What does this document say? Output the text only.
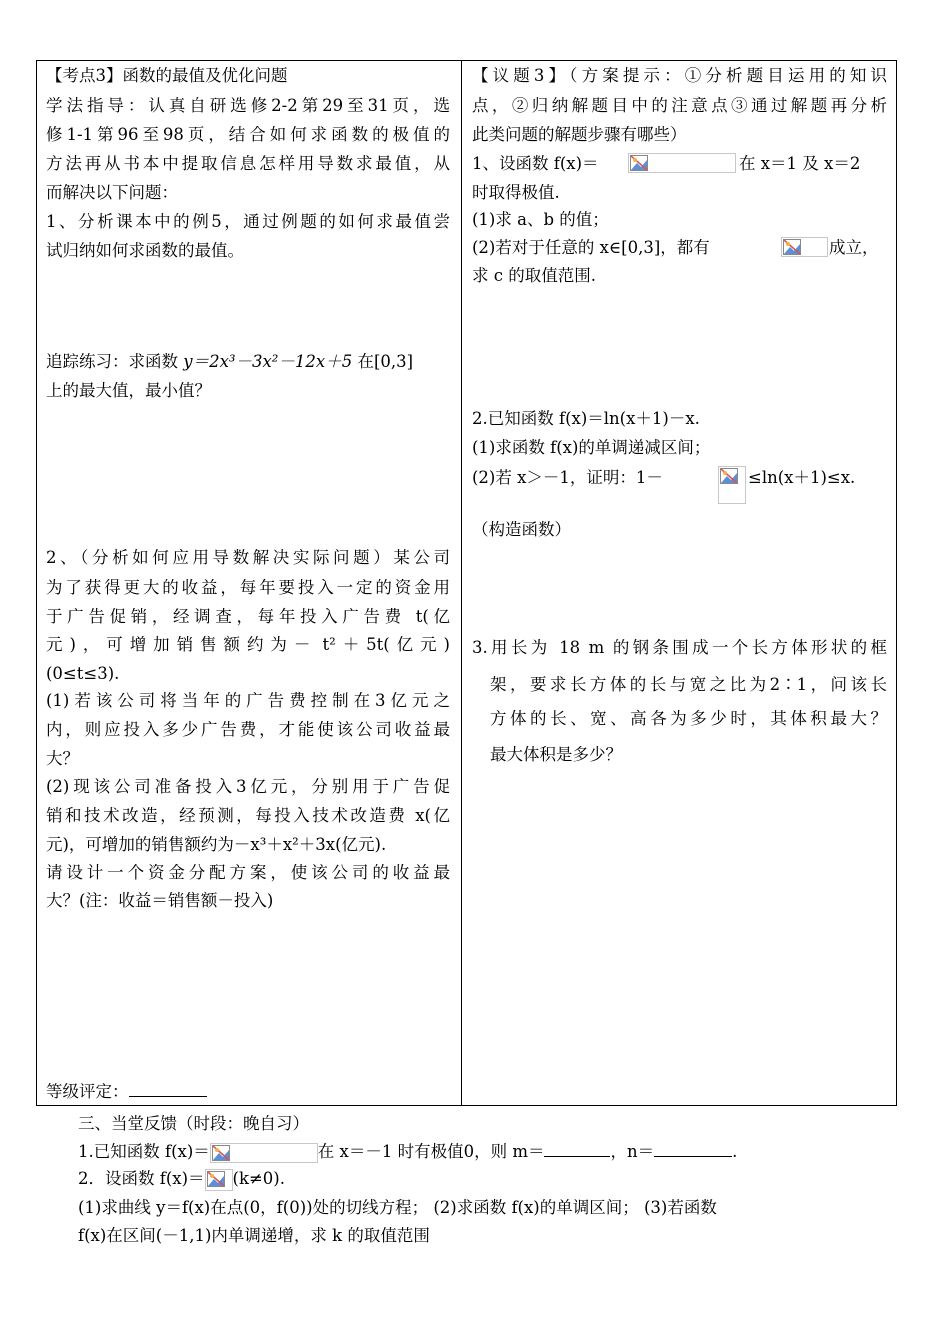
【考点3】函数的最值及优化问题
学法指导：认真自研选修2-2第29至31页，选
修1-1第96至98页，结合如何求函数的极值的
方法再从书本中提取信息怎样用导数求最值，从
而解决以下问题：
1、分析课本中的例5，通过例题的如何求最值尝
试归纳如何求函数的最值。
追踪练习：求函数 y＝2x³－3x²－12x＋5 在[0,3]
上的最大值，最小值？
2、（分析如何应用导数解决实际问题）某公司
为了获得更大的收益，每年要投入一定的资金用
于广告促销，经调查，每年投入广告费 t(亿
元)，可增加销售额约为－ t²＋5t(亿元)
(0≤t≤3).
(1)若该公司将当年的广告费控制在3亿元之
内，则应投入多少广告费，才能使该公司收益最
大？
(2)现该公司准备投入3亿元，分别用于广告促
销和技术改造，经预测，每投入技术改造费 x(亿
元)，可增加的销售额约为－x³＋x²＋3x(亿元).
请设计一个资金分配方案，使该公司的收益最
大？(注：收益＝销售额－投入)
等级评定：
【议题3】（方案提示：①分析题目运用的知识
点，②归纳解题目中的注意点③通过解题再分析
此类问题的解题步骤有哪些）
1、设函数 f(x)＝	在 x＝1 及 x＝2
时取得极值.
(1)求 a、b 的值；
(2)若对于任意的 x∈[0,3]，都有	成立，
求 c 的取值范围.
2.已知函数 f(x)＝ln(x＋1)－x.
(1)求函数 f(x)的单调递减区间；
(2)若 x＞－1，证明：1－	≤ln(x＋1)≤x.
（构造函数）
3.用长为 18 m 的钢条围成一个长方体形状的框
架，要求长方体的长与宽之比为2∶1，问该长
方体的长、宽、高各为多少时，其体积最大？
最大体积是多少？
三、当堂反馈（时段：晚自习）
1.已知函数 f(x)＝	在 x＝－1 时有极值0，则 m＝	，n＝	.
2．设函数 f(x)＝ (k≠0).
(1)求曲线 y＝f(x)在点(0，f(0))处的切线方程； (2)求函数 f(x)的单调区间； (3)若函数
f(x)在区间(－1,1)内单调递增，求 k 的取值范围
